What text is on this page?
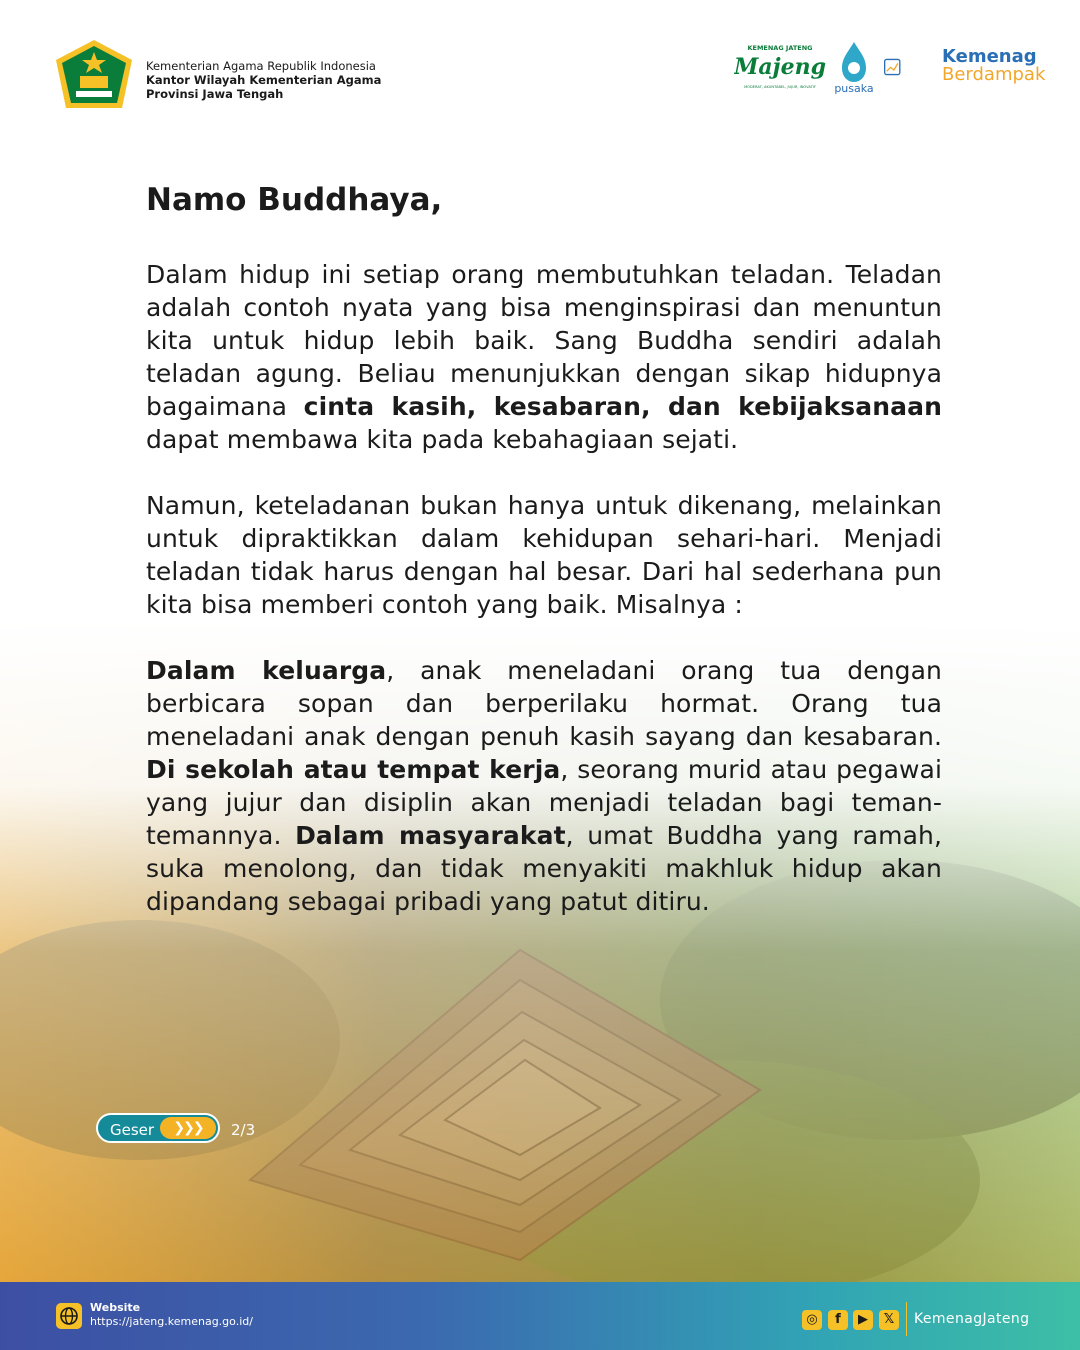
Kementerian Agama Republik Indonesia
Kantor Wilayah Kementerian Agama
Provinsi Jawa Tengah
KEMENAG JATENG
Majeng
MODERAT, AKUNTABEL, JUJUR, INOVATIF pusaka
Kemenag
Berdampak
Namo Buddhaya,

Dalam hidup ini setiap orang membutuhkan teladan. Teladan adalah contoh nyata yang bisa menginspirasi dan menuntun kita untuk hidup lebih baik. Sang Buddha sendiri adalah teladan agung. Beliau menunjukkan dengan sikap hidupnya bagaimana cinta kasih, kesabaran, dan kebijaksanaan dapat membawa kita pada kebahagiaan sejati.

Namun, keteladanan bukan hanya untuk dikenang, melainkan untuk dipraktikkan dalam kehidupan sehari-hari. Menjadi teladan tidak harus dengan hal besar. Dari hal sederhana pun kita bisa memberi contoh yang baik. Misalnya :

Dalam keluarga, anak meneladani orang tua dengan berbicara sopan dan berperilaku hormat. Orang tua meneladani anak dengan penuh kasih sayang dan kesabaran. Di sekolah atau tempat kerja, seorang murid atau pegawai yang jujur dan disiplin akan menjadi teladan bagi teman-temannya. Dalam masyarakat, umat Buddha yang ramah, suka menolong, dan tidak menyakiti makhluk hidup akan dipandang sebagai pribadi yang patut ditiru.

Geser	❯❯❯	2/3
Website
https://jateng.kemenag.go.id/	◎	f	▶	𝕏	KemenagJateng
